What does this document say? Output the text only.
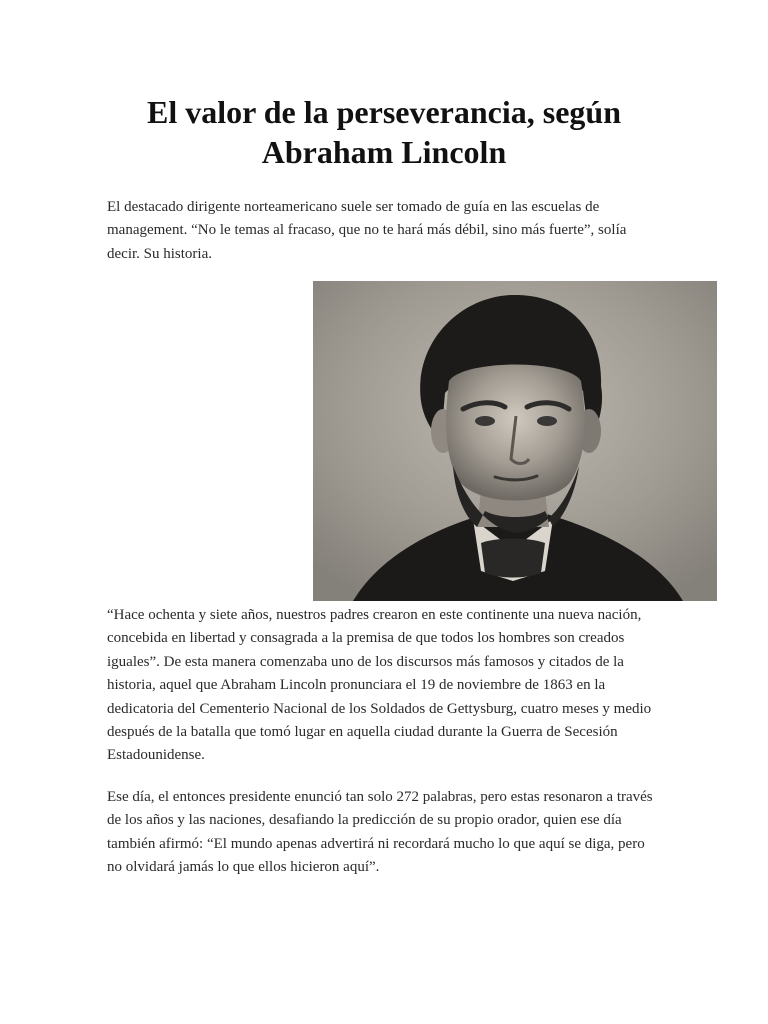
El valor de la perseverancia, según Abraham Lincoln

El destacado dirigente norteamericano suele ser tomado de guía en las escuelas de management. “No le temas al fracaso, que no te hará más débil, sino más fuerte”, solía decir. Su historia.

“Hace ochenta y siete años, nuestros padres crearon en este continente una nueva nación, concebida en libertad y consagrada a la premisa de que todos los hombres son creados iguales”. De esta manera comenzaba uno de los discursos más famosos y citados de la historia, aquel que Abraham Lincoln pronunciara el 19 de noviembre de 1863 en la dedicatoria del Cementerio Nacional de los Soldados de Gettysburg, cuatro meses y medio después de la batalla que tomó lugar en aquella ciudad durante la Guerra de Secesión Estadounidense.

Ese día, el entonces presidente enunció tan solo 272 palabras, pero estas resonaron a través de los años y las naciones, desafiando la predicción de su propio orador, quien ese día también afirmó: “El mundo apenas advertirá ni recordará mucho lo que aquí se diga, pero no olvidará jamás lo que ellos hicieron aquí”.
